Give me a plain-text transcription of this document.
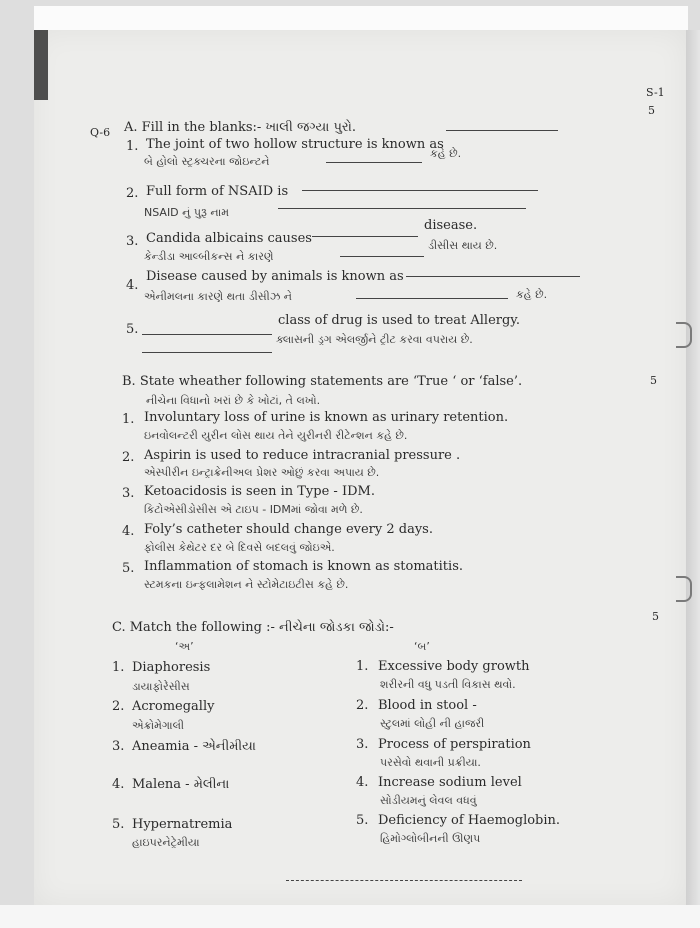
S-1
5
Q-6 A. Fill in the blanks:- ખાલી જગ્યા પુરો.
1. The joint of two hollow structure is known as
બે હોલો સ્ટ્રક્ચરના જોઇન્ટને
કહે છે.
2. Full form of NSAID is
NSAID નું પુરૂ નામ
3. Candida albicains causes
disease.
કેન્ડીડા આલ્બીકન્સ ને કારણે
ડીસીસ થાય છે.
4.
Disease caused by animals is known as
એનીમલના કારણે થતા ડીસીઝ ને	કહે છે.
5.
class of drug is used to treat Allergy.
ક્લાસની ડ્રગ એલર્જીને ટ્રીટ કરવા વપરાય છે.
B. State wheather following statements are ‘True ‘ or ‘false’.
નીચેના વિધાનો ખરાં છે કે ખોટાં, તે લખો.
5
1. Involuntary loss of urine is known as urinary retention.
ઇનવોલન્ટરી યુરીન લોસ થાય તેને યુરીનરી રીટેન્શન કહે છે.
2. Aspirin is used to reduce intracranial pressure .
એસ્પીરીન ઇન્ટ્રાક્રેનીઅલ પ્રેશર ઓછું કરવા અપાય છે.
3. Ketoacidosis is seen in Type - IDM.
કિટોએસીડોસીસ એ ટાઇપ - IDMમાં જોવા મળે છે.
4. Foly’s catheter should change every 2 days.
ફોલીસ કેથેટર દર બે દિવસે બદલવું જોઇએ.
5. Inflammation of stomach is known as stomatitis.
સ્ટમકના ઇન્ફલામેશન ને સ્ટોમેટાઇટીસ કહે છે.
C. Match the following :- નીચેના જોડકા જોડો:-
5
‘અ’	‘બ’
1. Diaphoresis
ડાયાફોરેસીસ
2. Acromegally
એક્રોમેગાલી
3. Aneamia - એનીમીયા
4. Malena - મેલીના
5. Hypernatremia
હાઇપરનેટ્રેમીયા
1. Excessive body growth
શરીરની વધુ પડતી વિકાસ થવો.
2. Blood in stool -
સ્ટુલમાં લોહી ની હાજરી
3. Process of perspiration
પરસેવો થવાની પ્રક્રીયા.
4. Increase sodium level
સોડીયમનું લેવલ વધવું
5. Deficiency of Haemoglobin.
હિમોગ્લોબીનની ઊણપ
